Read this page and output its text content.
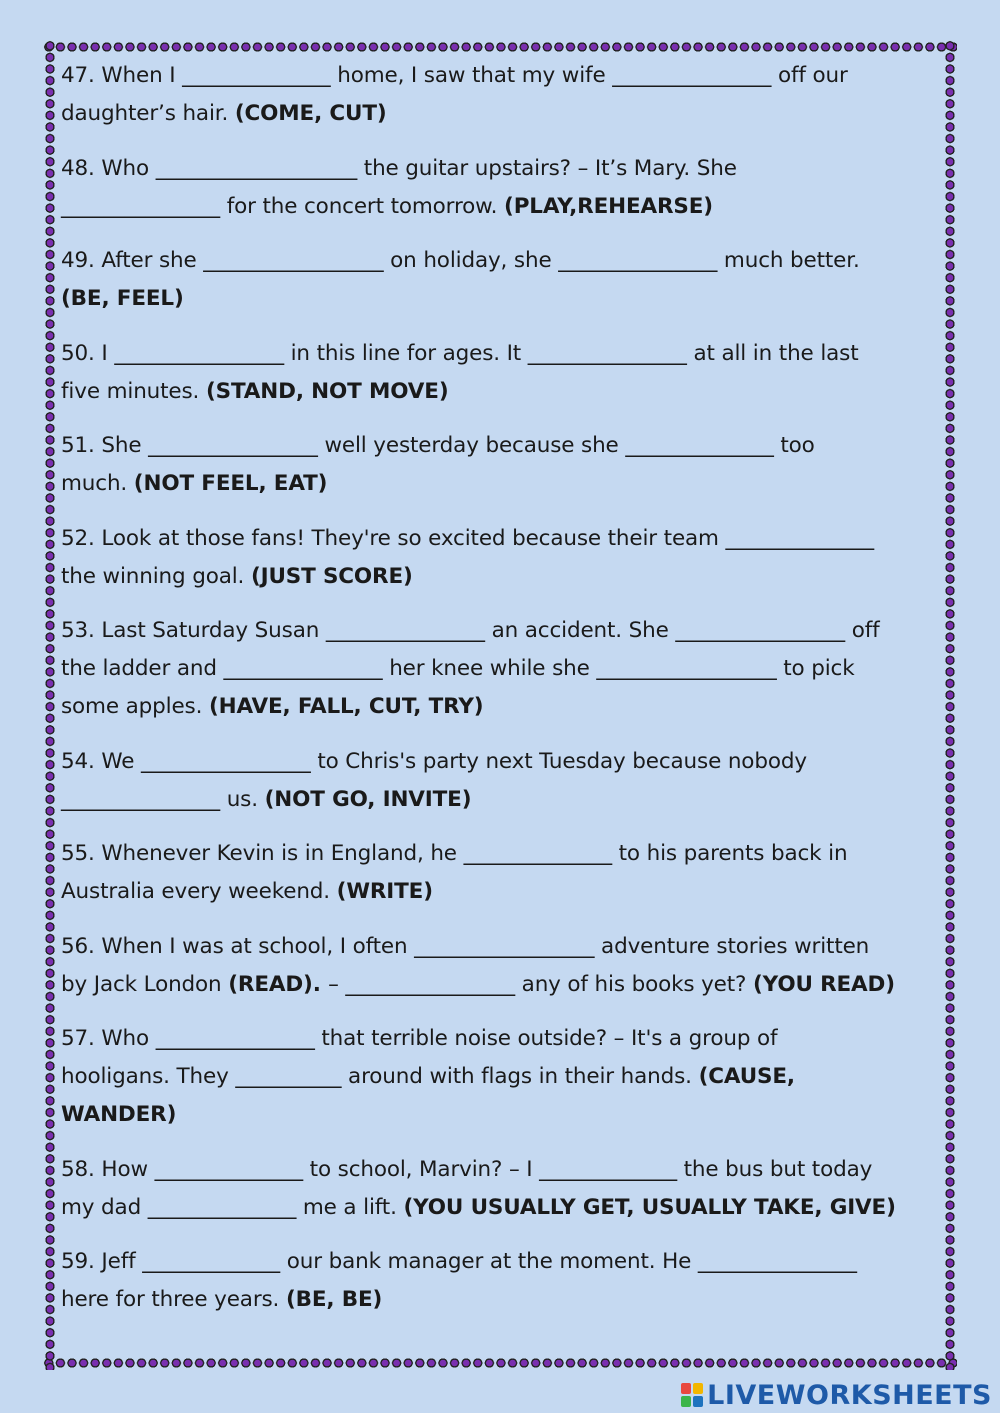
47. When I ______________ home, I saw that my wife _______________ off our
daughter’s hair. (COME, CUT)
48. Who ___________________ the guitar upstairs? – It’s Mary. She
_______________ for the concert tomorrow. (PLAY,REHEARSE)
49. After she _________________ on holiday, she _______________ much better.
(BE, FEEL)
50. I ________________ in this line for ages. It _______________ at all in the last
five minutes. (STAND, NOT MOVE)
51. She ________________ well yesterday because she ______________ too
much. (NOT FEEL, EAT)
52. Look at those fans! They're so excited because their team ______________
the winning goal. (JUST SCORE)
53. Last Saturday Susan _______________ an accident. She ________________ off
the ladder and _______________ her knee while she _________________ to pick
some apples. (HAVE, FALL, CUT, TRY)
54. We ________________ to Chris's party next Tuesday because nobody
_______________ us. (NOT GO, INVITE)
55. Whenever Kevin is in England, he ______________ to his parents back in
Australia every weekend. (WRITE)
56. When I was at school, I often _________________ adventure stories written
by Jack London (READ). – ________________ any of his books yet? (YOU READ)
57. Who _______________ that terrible noise outside? – It's a group of
hooligans. They __________ around with flags in their hands. (CAUSE,
WANDER)
58. How ______________ to school, Marvin? – I _____________ the bus but today
my dad ______________ me a lift. (YOU USUALLY GET, USUALLY TAKE, GIVE)
59. Jeff _____________ our bank manager at the moment. He _______________
here for three years. (BE, BE)
LIVEWORKSHEETS
